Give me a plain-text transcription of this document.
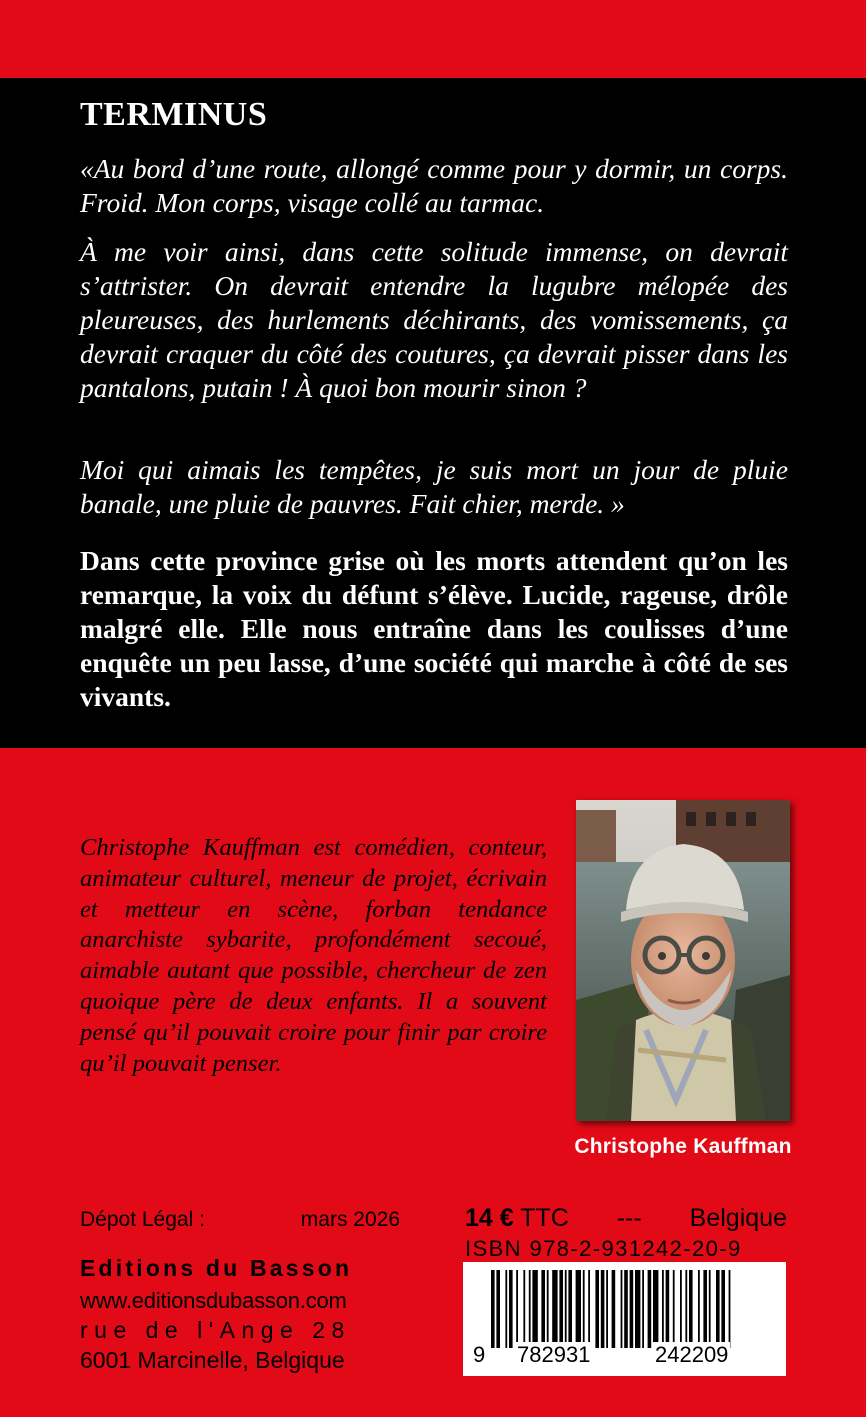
TERMINUS

«Au bord d’une route, allongé comme pour y dormir, un corps. Froid. Mon corps, visage collé au tarmac.

À me voir ainsi, dans cette solitude immense, on devrait s’attrister. On devrait entendre la lugubre mélopée des pleureuses, des hurlements déchirants, des vomissements, ça devrait craquer du côté des coutures, ça devrait pisser dans les pantalons, putain ! À quoi bon mourir sinon ?

Moi qui aimais les tempêtes, je suis mort un jour de pluie banale, une pluie de pauvres. Fait chier, merde. »

Dans cette province grise où les morts attendent qu’on les remarque, la voix du défunt s’élève. Lucide, rageuse, drôle malgré elle. Elle nous entraîne dans les coulisses d’une enquête un peu lasse, d’une société qui marche à côté de ses vivants.

Christophe Kauffman est comédien, conteur, animateur culturel, meneur de projet, écrivain et metteur en scène, forban tendance anarchiste sybarite, profondément secoué, aimable autant que possible, chercheur de zen quoique père de deux enfants. Il a souvent pensé qu’il pouvait croire pour finir par croire qu’il pouvait penser.

Christophe Kauffman
Dépot Légal :	mars 2026
Editions du Basson
www.editionsdubasson.com
rue de l'Ange 28
6001 Marcinelle, Belgique
14 € TTC --- Belgique
ISBN 978-2-931242-20-9
9 782931	242209
